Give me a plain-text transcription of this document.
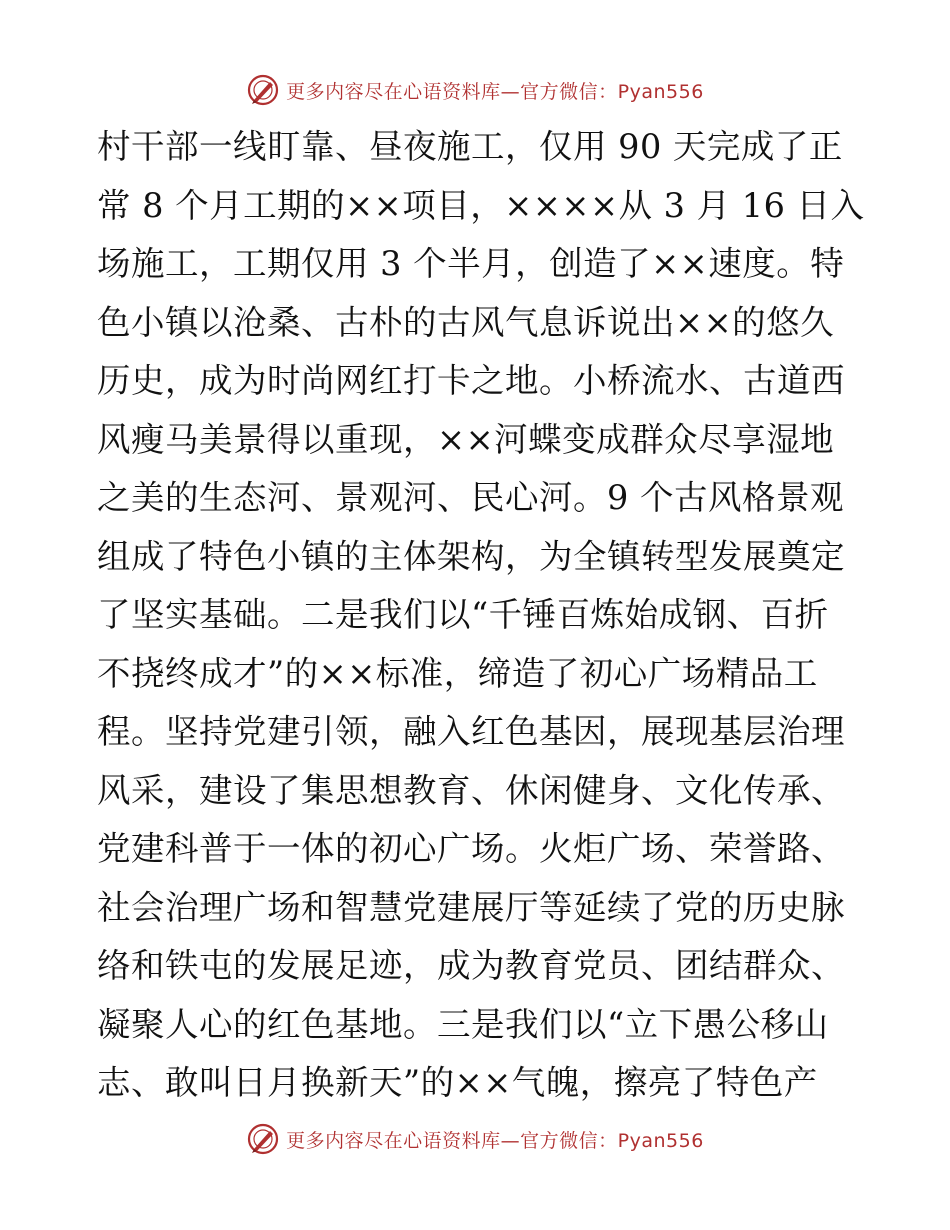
更多内容尽在心语资料库—官方微信：Pyan556
村干部一线盯靠、昼夜施工，仅用 90 天完成了正
常 8 个月工期的××项目，××××从 3 月 16 日入
场施工，工期仅用 3 个半月，创造了××速度。特
色小镇以沧桑、古朴的古风气息诉说出××的悠久
历史，成为时尚网红打卡之地。小桥流水、古道西
风瘦马美景得以重现，××河蝶变成群众尽享湿地
之美的生态河、景观河、民心河。9 个古风格景观
组成了特色小镇的主体架构，为全镇转型发展奠定
了坚实基础。二是我们以“千锤百炼始成钢、百折
不挠终成才”的××标准，缔造了初心广场精品工
程。坚持党建引领，融入红色基因，展现基层治理
风采，建设了集思想教育、休闲健身、文化传承、
党建科普于一体的初心广场。火炬广场、荣誉路、
社会治理广场和智慧党建展厅等延续了党的历史脉
络和铁屯的发展足迹，成为教育党员、团结群众、
凝聚人心的红色基地。三是我们以“立下愚公移山
志、敢叫日月换新天”的××气魄，擦亮了特色产
更多内容尽在心语资料库—官方微信：Pyan556
